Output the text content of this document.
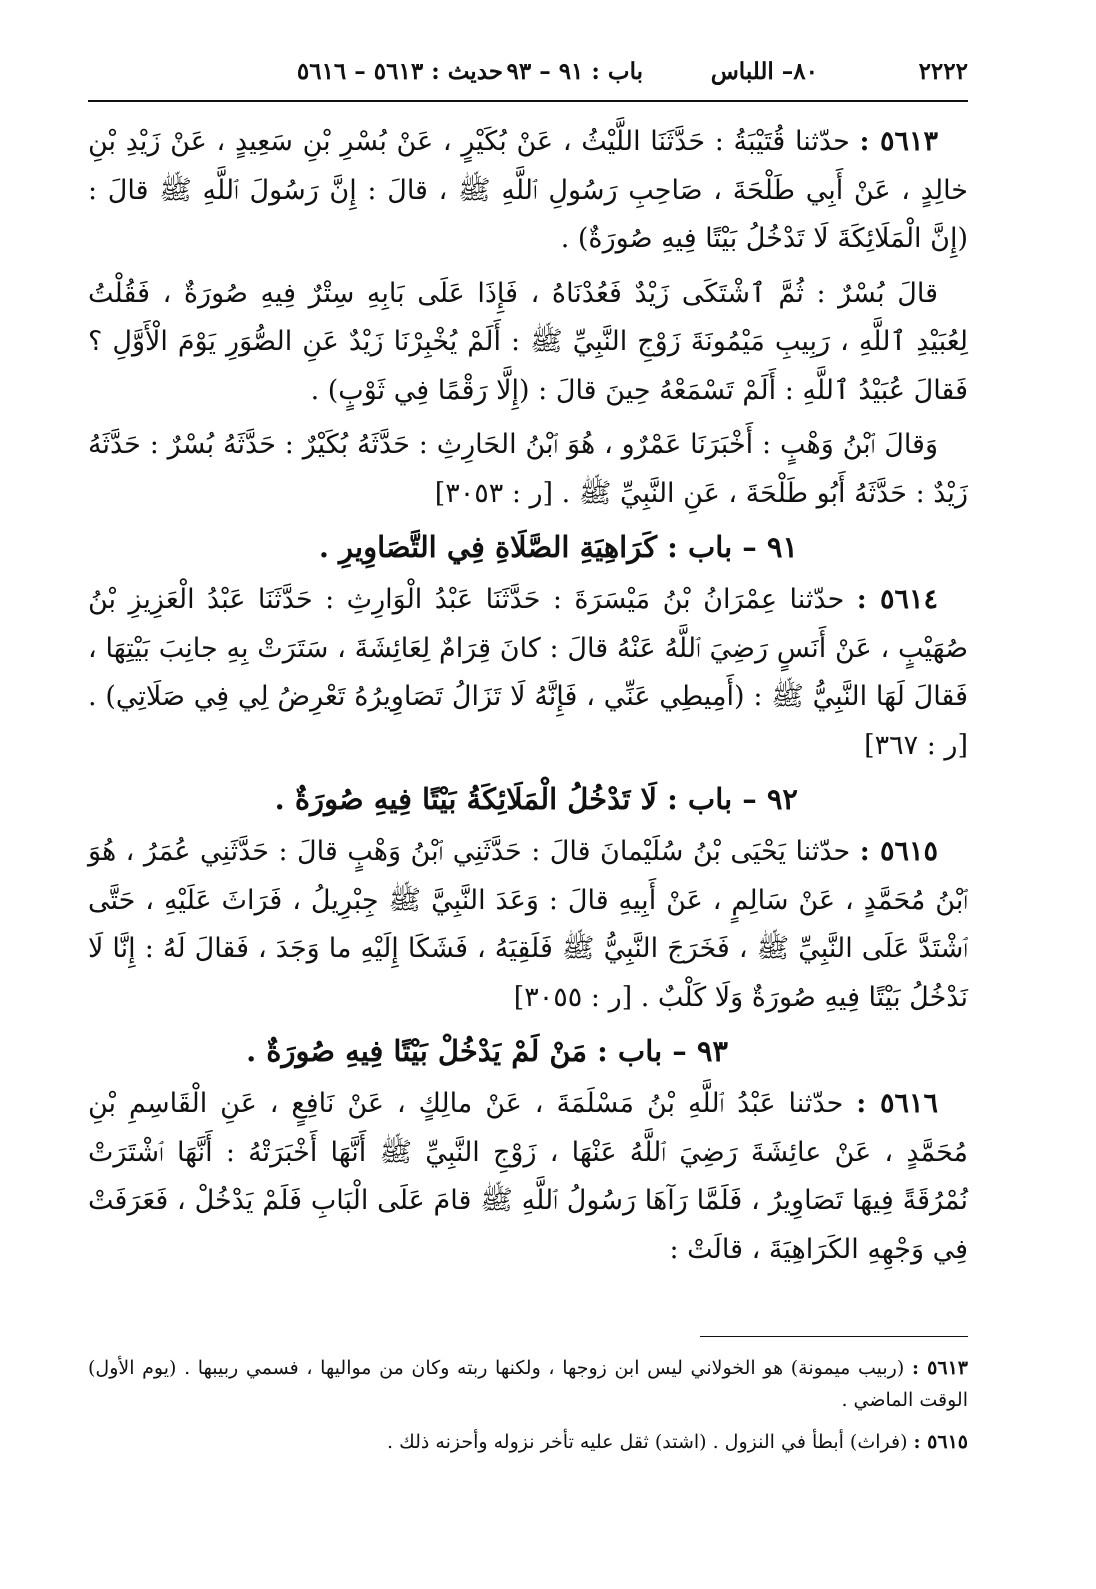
٢٢٢٢
٨٠– اللباس
باب : ٩١ – ٩٣
حديث : ٥٦١٣ – ٥٦١٦

٥٦١٣ : حدّثنا قُتَيْبَةُ : حَدَّثَنَا اللَّيْثُ ، عَنْ بُكَيْرٍ ، عَنْ بُسْرِ بْنِ سَعِيدٍ ، عَنْ زَيْدِ بْنِ خالِدٍ ، عَنْ أَبِي طَلْحَةَ ، صَاحِبِ رَسُولِ ٱللَّهِ ﷺ ، قالَ : إِنَّ رَسُولَ ٱللَّهِ ﷺ قالَ : (إِنَّ الْمَلَائِكَةَ لَا تَدْخُلُ بَيْتًا فِيهِ صُورَةٌ) .

قالَ بُسْرٌ : ثُمَّ ٱشْتَكَى زَيْدٌ فَعُدْنَاهُ ، فَإِذَا عَلَى بَابِهِ سِتْرٌ فِيهِ صُورَةٌ ، فَقُلْتُ لِعُبَيْدِ ٱللَّهِ ، رَبِيبِ مَيْمُونَةَ زَوْجِ النَّبِيِّ ﷺ : أَلَمْ يُخْبِرْنَا زَيْدٌ عَنِ الصُّوَرِ يَوْمَ الْأَوَّلِ ؟ فَقالَ عُبَيْدُ ٱللَّهِ : أَلَمْ تَسْمَعْهُ حِينَ قالَ : (إِلَّا رَقْمًا فِي ثَوْبٍ) .

وَقالَ ٱبْنُ وَهْبٍ : أَخْبَرَنَا عَمْرٌو ، هُوَ ٱبْنُ الحَارِثِ : حَدَّثَهُ بُكَيْرٌ : حَدَّثَهُ بُسْرٌ : حَدَّثَهُ زَيْدٌ : حَدَّثَهُ أَبُو طَلْحَةَ ، عَنِ النَّبِيِّ ﷺ . [ر : ٣٠٥٣]

٩١ – باب : كَرَاهِيَةِ الصَّلَاةِ فِي التَّصَاوِيرِ .

٥٦١٤ : حدّثنا عِمْرَانُ بْنُ مَيْسَرَةَ : حَدَّثَنَا عَبْدُ الْوَارِثِ : حَدَّثَنَا عَبْدُ الْعَزِيزِ بْنُ صُهَيْبٍ ، عَنْ أَنَسٍ رَضِيَ ٱللَّهُ عَنْهُ قالَ : كانَ قِرَامٌ لِعَائِشَةَ ، سَتَرَتْ بِهِ جانِبَ بَيْتِهَا ، فَقالَ لَهَا النَّبِيُّ ﷺ : (أَمِيطِي عَنِّي ، فَإِنَّهُ لَا تَزَالُ تَصَاوِيرُهُ تَعْرِضُ لِي فِي صَلَاتِي) . [ر : ٣٦٧]

٩٢ – باب : لَا تَدْخُلُ الْمَلَائِكَةُ بَيْتًا فِيهِ صُورَةٌ .

٥٦١٥ : حدّثنا يَحْيَى بْنُ سُلَيْمانَ قالَ : حَدَّثَنِي ٱبْنُ وَهْبٍ قالَ : حَدَّثَنِي عُمَرُ ، هُوَ ٱبْنُ مُحَمَّدٍ ، عَنْ سَالِمٍ ، عَنْ أَبِيهِ قالَ : وَعَدَ النَّبِيَّ ﷺ جِبْرِيلُ ، فَرَاثَ عَلَيْهِ ، حَتَّى ٱشْتَدَّ عَلَى النَّبِيِّ ﷺ ، فَخَرَجَ النَّبِيُّ ﷺ فَلَقِيَهُ ، فَشَكَا إِلَيْهِ ما وَجَدَ ، فَقالَ لَهُ : إِنَّا لَا نَدْخُلُ بَيْتًا فِيهِ صُورَةٌ وَلَا كَلْبٌ . [ر : ٣٠٥٥]

٩٣ – باب : مَنْ لَمْ يَدْخُلْ بَيْتًا فِيهِ صُورَةٌ .

٥٦١٦ : حدّثنا عَبْدُ ٱللَّهِ بْنُ مَسْلَمَةَ ، عَنْ مالِكٍ ، عَنْ نَافِعٍ ، عَنِ الْقَاسِمِ بْنِ مُحَمَّدٍ ، عَنْ عائِشَةَ رَضِيَ ٱللَّهُ عَنْهَا ، زَوْجِ النَّبِيِّ ﷺ أَنَّهَا أَخْبَرَتْهُ : أَنَّهَا ٱشْتَرَتْ نُمْرُقَةً فِيهَا تَصَاوِيرُ ، فَلَمَّا رَآهَا رَسُولُ ٱللَّهِ ﷺ قامَ عَلَى الْبَابِ فَلَمْ يَدْخُلْ ، فَعَرَفَتْ فِي وَجْهِهِ الكَرَاهِيَةَ ، قالَتْ :

٥٦١٣ : (ربيب ميمونة) هو الخولاني ليس ابن زوجها ، ولكنها ربته وكان من مواليها ، فسمي ربيبها . (يوم الأول) الوقت الماضي .

٥٦١٥ : (فراث) أبطأ في النزول . (اشتد) ثقل عليه تأخر نزوله وأحزنه ذلك .
